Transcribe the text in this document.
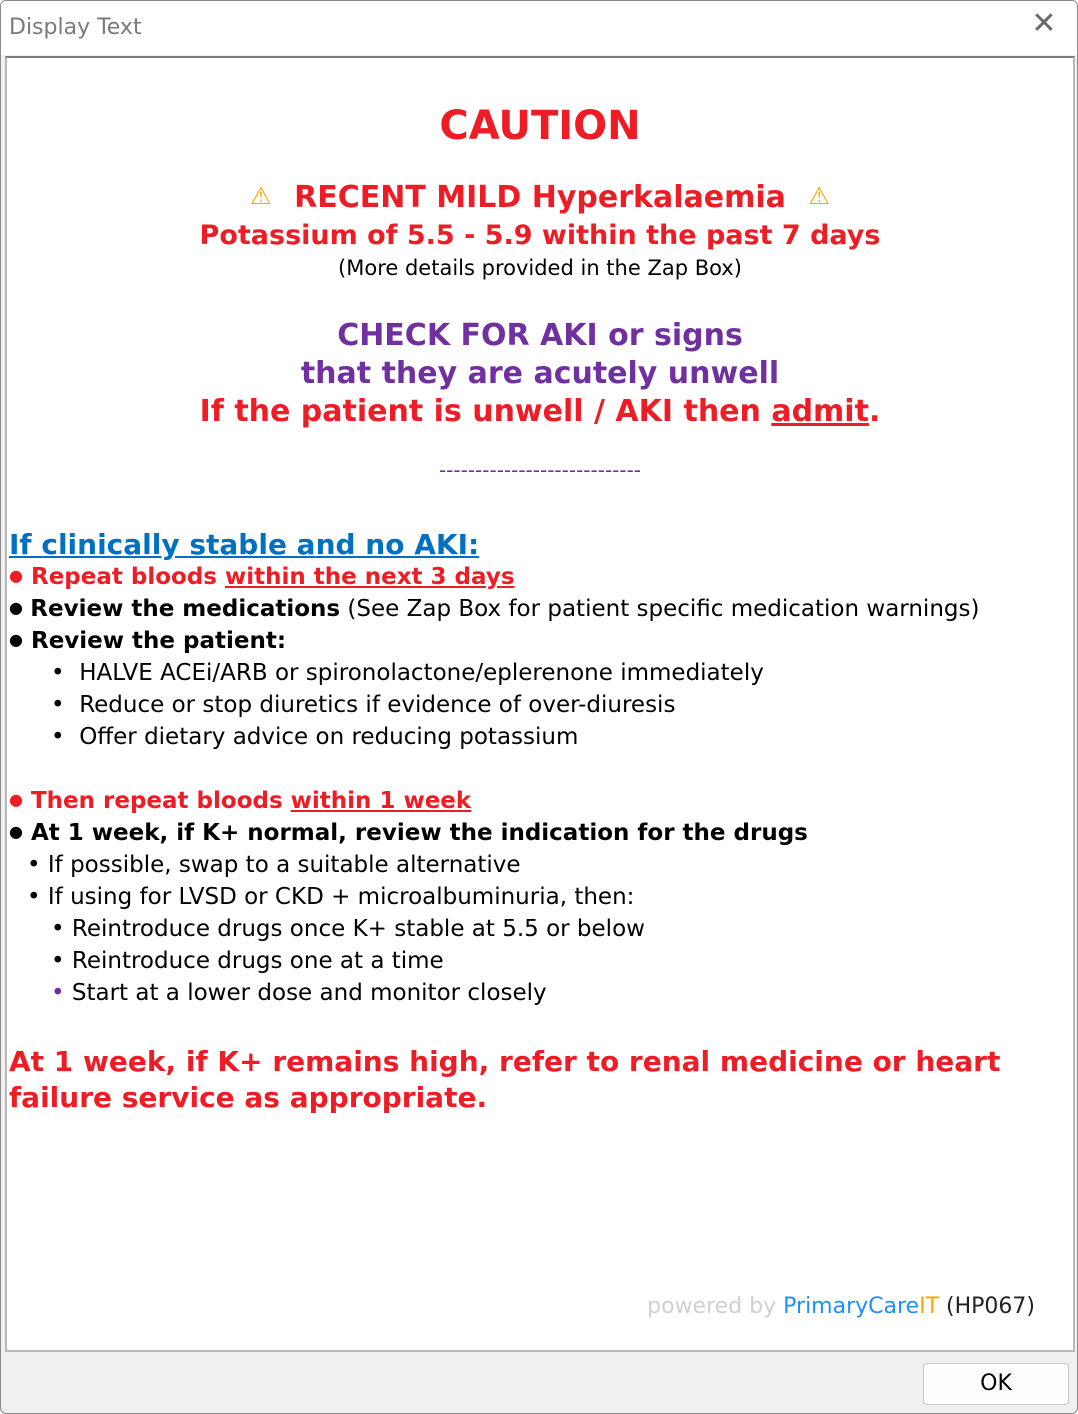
Display Text	✕

CAUTION

⚠ RECENT MILD Hyperkalaemia ⚠

Potassium of 5.5 - 5.9 within the past 7 days

(More details provided in the Zap Box)

CHECK FOR AKI or signs

that they are acutely unwell

If the patient is unwell / AKI then admit.

----------------------------

If clinically stable and no AKI:

● Repeat bloods within the next 3 days

● Review the medications (See Zap Box for patient specific medication warnings)

● Review the patient:

• HALVE ACEi/ARB or spironolactone/eplerenone immediately

• Reduce or stop diuretics if evidence of over-diuresis

• Offer dietary advice on reducing potassium

● Then repeat bloods within 1 week

● At 1 week, if K+ normal, review the indication for the drugs

• If possible, swap to a suitable alternative

• If using for LVSD or CKD + microalbuminuria, then:

• Reintroduce drugs once K+ stable at 5.5 or below

• Reintroduce drugs one at a time

• Start at a lower dose and monitor closely

At 1 week, if K+ remains high, refer to renal medicine or heart failure service as appropriate.

powered by PrimaryCareIT (HP067)
OK
